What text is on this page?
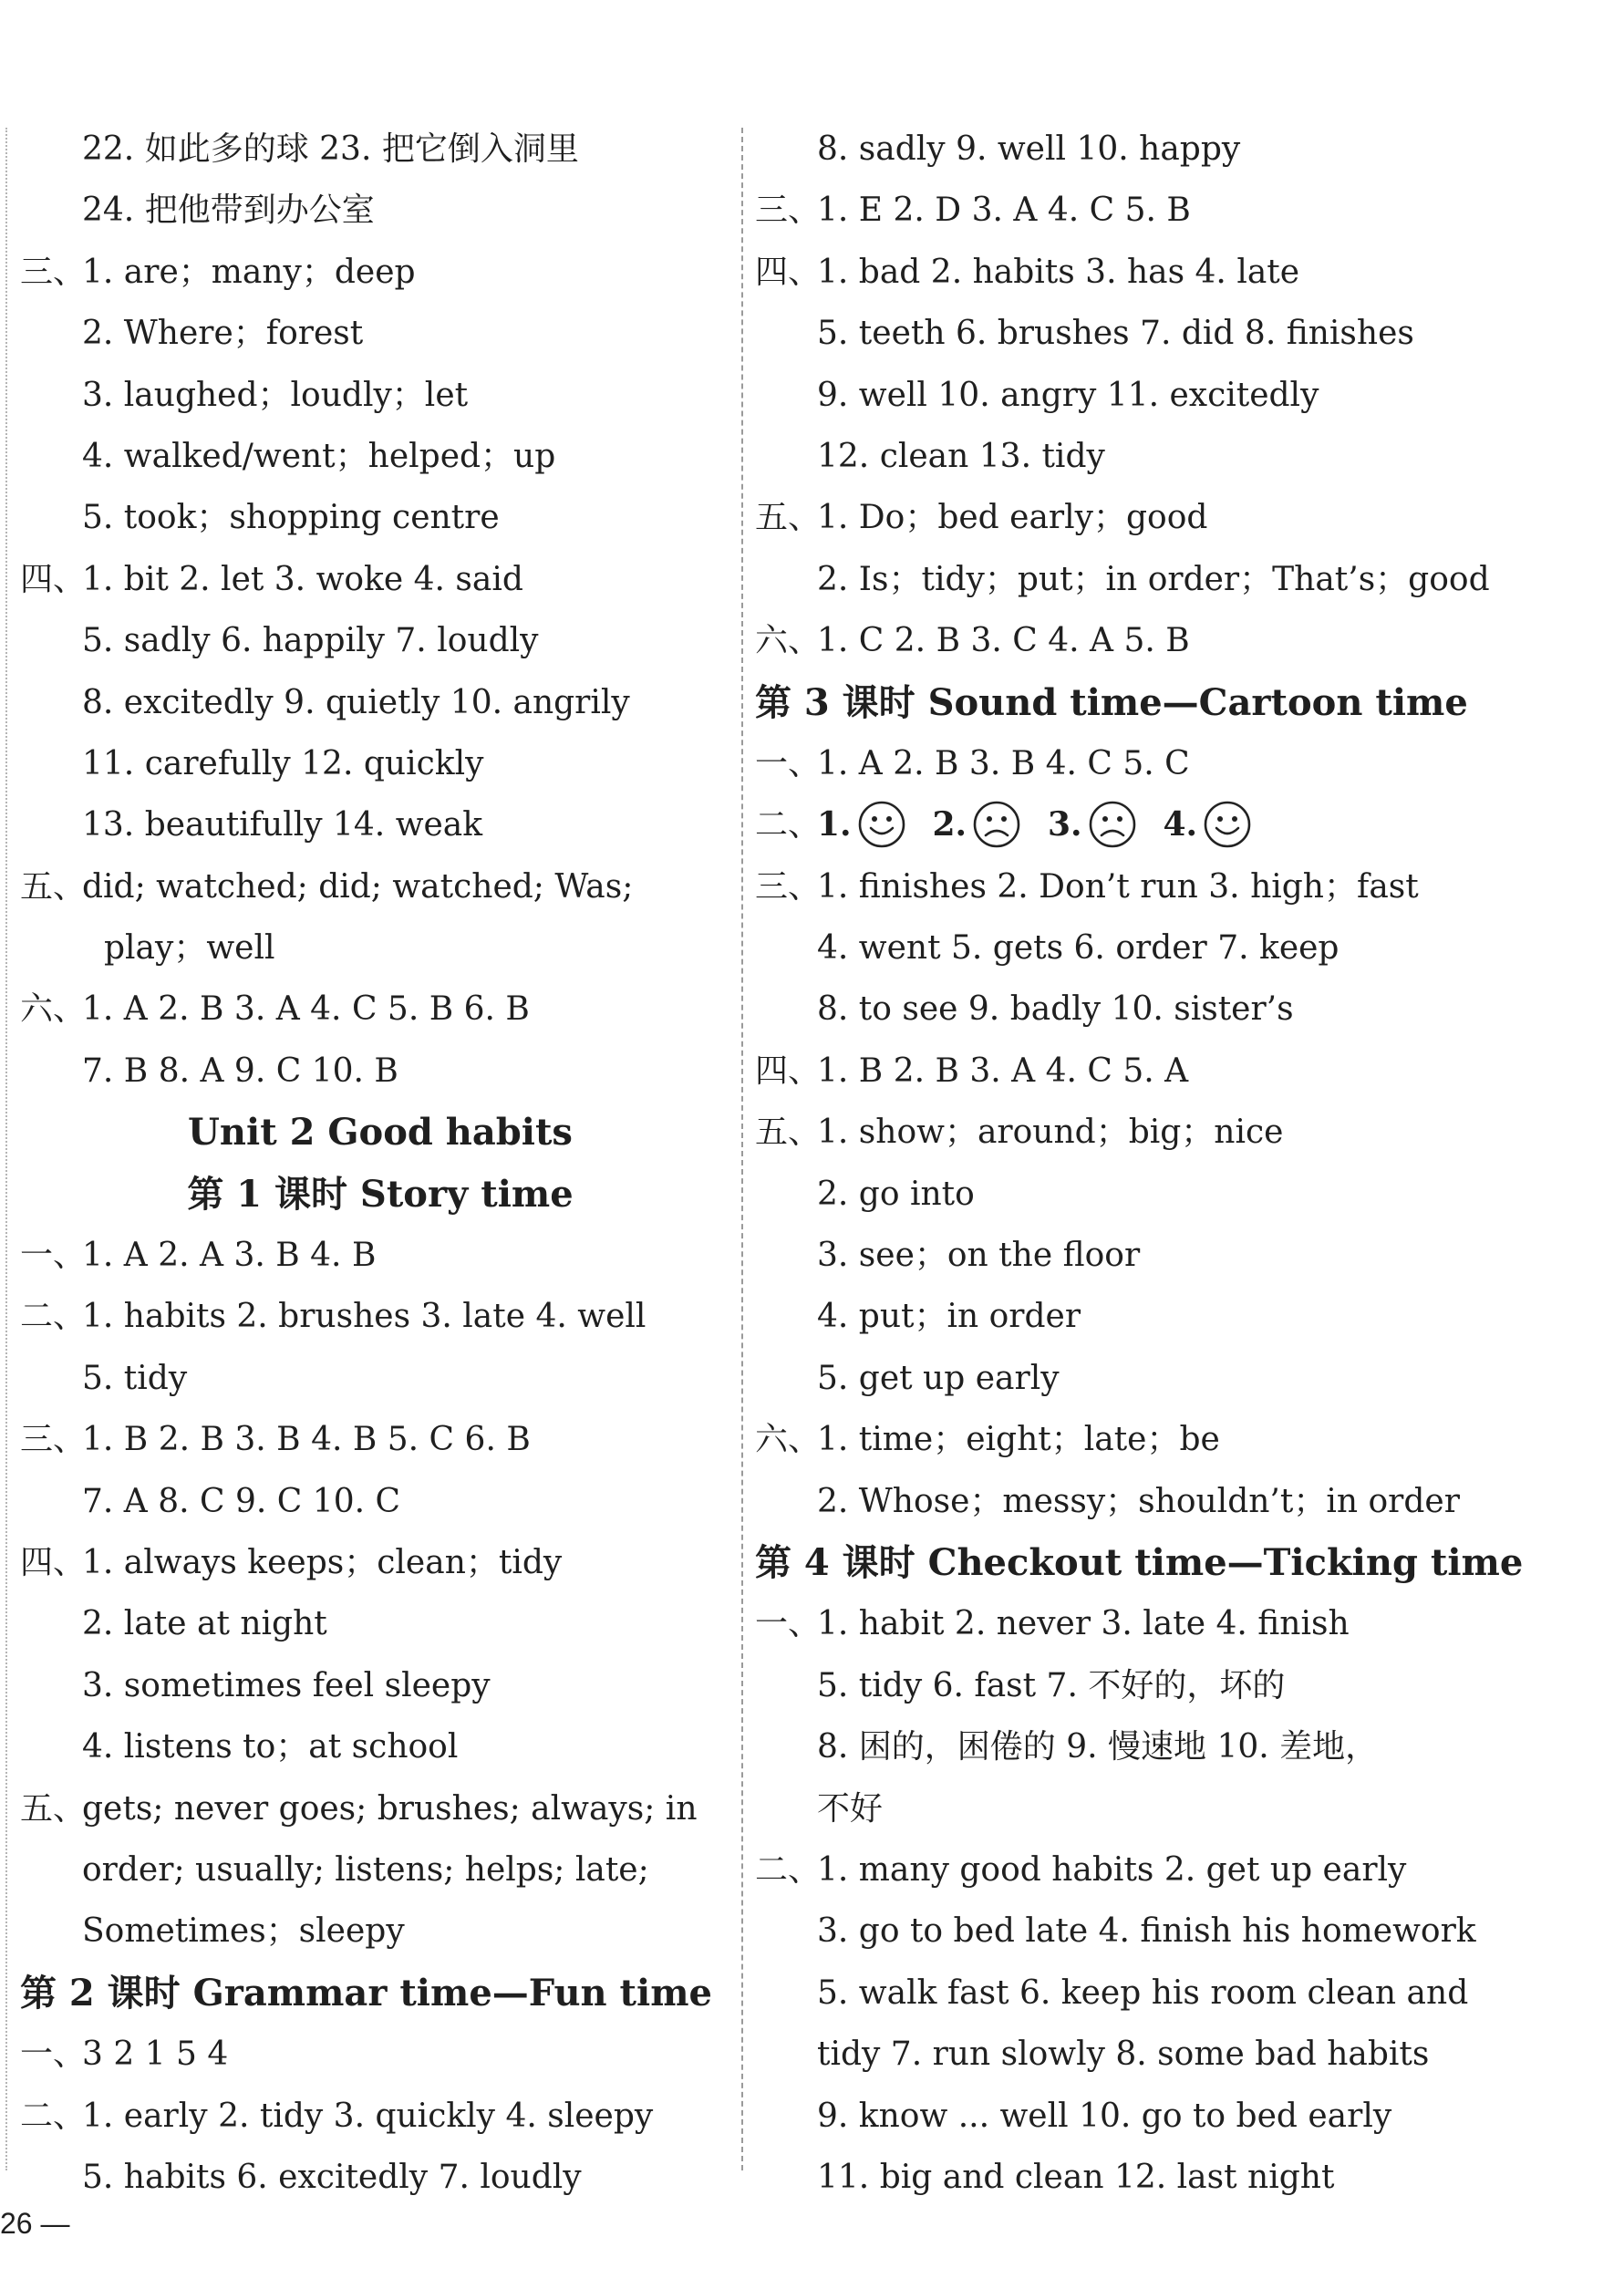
22. 如此多的球 23. 把它倒入洞里
24. 把他带到办公室
三、
1. are；many；deep
2. Where；forest
3. laughed；loudly；let
4. walked/went；helped；up
5. took；shopping centre
四、
1. bit 2. let 3. woke 4. said
5. sadly 6. happily 7. loudly
8. excitedly 9. quietly 10. angrily
11. carefully 12. quickly
13. beautifully 14. weak
五、
did; watched; did; watched; Was;
play；well
六、
1. A 2. B 3. A 4. C 5. B 6. B
7. B 8. A 9. C 10. B
Unit 2 Good habits
第 1 课时 Story time
一、
1. A 2. A 3. B 4. B
二、
1. habits 2. brushes 3. late 4. well
5. tidy
三、
1. B 2. B 3. B 4. B 5. C 6. B
7. A 8. C 9. C 10. C
四、
1. always keeps；clean；tidy
2. late at night
3. sometimes feel sleepy
4. listens to；at school
五、
gets; never goes; brushes; always; in
order; usually; listens; helps; late;
Sometimes；sleepy
第 2 课时 Grammar time—Fun time
一、
3 2 1 5 4
二、
1. early 2. tidy 3. quickly 4. sleepy
5. habits 6. excitedly 7. loudly
8. sadly 9. well 10. happy
三、
1. E 2. D 3. A 4. C 5. B
四、
1. bad 2. habits 3. has 4. late
5. teeth 6. brushes 7. did 8. finishes
9. well 10. angry 11. excitedly
12. clean 13. tidy
五、
1. Do；bed early；good
2. Is；tidy；put；in order；That’s；good
六、
1. C 2. B 3. C 4. A 5. B
第 3 课时 Sound time—Cartoon time
一、
1. A 2. B 3. B 4. C 5. C
二、
1. 2. 3. 4.
三、
1. finishes 2. Don’t run 3. high；fast
4. went 5. gets 6. order 7. keep
8. to see 9. badly 10. sister’s
四、
1. B 2. B 3. A 4. C 5. A
五、
1. show；around；big；nice
2. go into
3. see；on the floor
4. put；in order
5. get up early
六、
1. time；eight；late；be
2. Whose；messy；shouldn’t；in order
第 4 课时 Checkout time—Ticking time
一、
1. habit 2. never 3. late 4. finish
5. tidy 6. fast 7. 不好的，坏的
8. 困的，困倦的 9. 慢速地 10. 差地，
不好
二、
1. many good habits 2. get up early
3. go to bed late 4. finish his homework
5. walk fast 6. keep his room clean and
tidy 7. run slowly 8. some bad habits
9. know ... well 10. go to bed early
11. big and clean 12. last night
26 —
